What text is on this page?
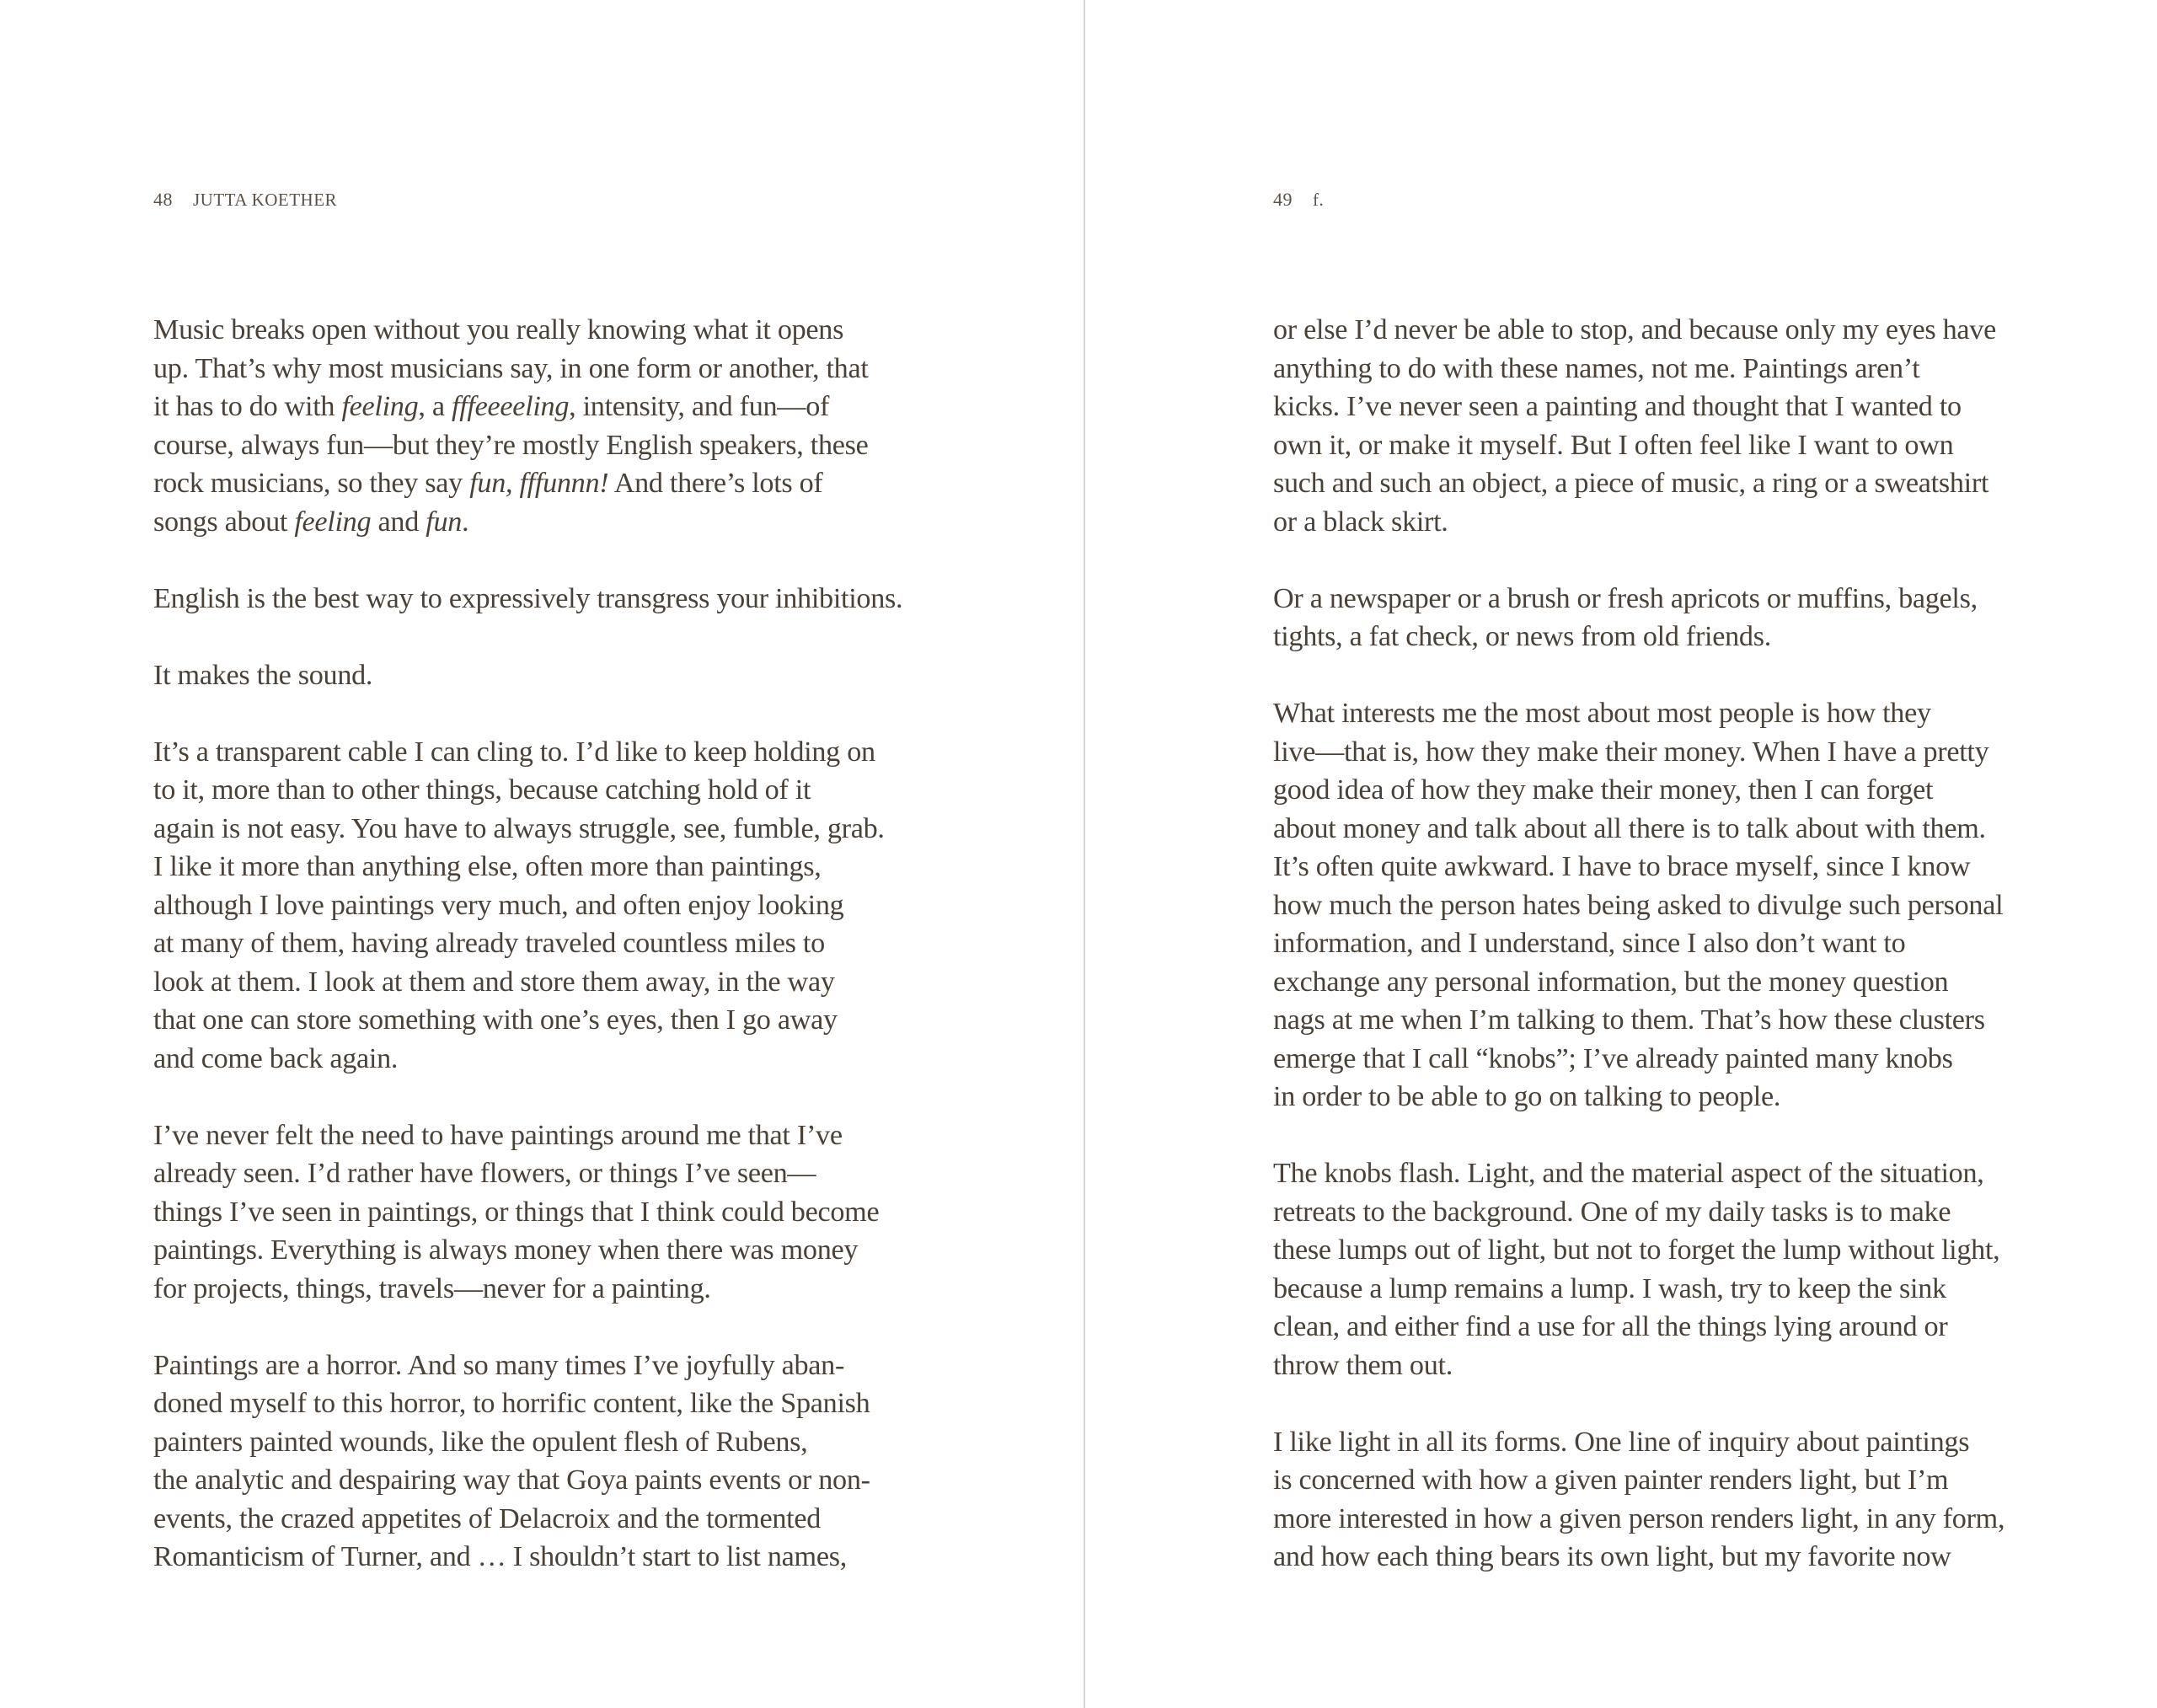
48 JUTTA KOETHER
Music breaks open without you really knowing what it opens
up. That’s why most musicians say, in one form or another, that
it has to do with feeling, a fffeeeeling, intensity, and fun—of
course, always fun—but they’re mostly English speakers, these
rock musicians, so they say fun, fffunnn! And there’s lots of
songs about feeling and fun.
English is the best way to expressively transgress your inhibitions.
It makes the sound.
It’s a transparent cable I can cling to. I’d like to keep holding on
to it, more than to other things, because catching hold of it
again is not easy. You have to always struggle, see, fumble, grab.
I like it more than anything else, often more than paintings,
although I love paintings very much, and often enjoy looking
at many of them, having already traveled countless miles to
look at them. I look at them and store them away, in the way
that one can store something with one’s eyes, then I go away
and come back again.
I’ve never felt the need to have paintings around me that I’ve
already seen. I’d rather have flowers, or things I’ve seen—
things I’ve seen in paintings, or things that I think could become
paintings. Everything is always money when there was money
for projects, things, travels—never for a painting.
Paintings are a horror. And so many times I’ve joyfully aban-
doned myself to this horror, to horrific content, like the Spanish
painters painted wounds, like the opulent flesh of Rubens,
the analytic and despairing way that Goya paints events or non-
events, the crazed appetites of Delacroix and the tormented
Romanticism of Turner, and … I shouldn’t start to list names,
49 f.
or else I’d never be able to stop, and because only my eyes have
anything to do with these names, not me. Paintings aren’t
kicks. I’ve never seen a painting and thought that I wanted to
own it, or make it myself. But I often feel like I want to own
such and such an object, a piece of music, a ring or a sweatshirt
or a black skirt.
Or a newspaper or a brush or fresh apricots or muffins, bagels,
tights, a fat check, or news from old friends.
What interests me the most about most people is how they
live—that is, how they make their money. When I have a pretty
good idea of how they make their money, then I can forget
about money and talk about all there is to talk about with them.
It’s often quite awkward. I have to brace myself, since I know
how much the person hates being asked to divulge such personal
information, and I understand, since I also don’t want to
exchange any personal information, but the money question
nags at me when I’m talking to them. That’s how these clusters
emerge that I call “knobs”; I’ve already painted many knobs
in order to be able to go on talking to people.
The knobs flash. Light, and the material aspect of the situation,
retreats to the background. One of my daily tasks is to make
these lumps out of light, but not to forget the lump without light,
because a lump remains a lump. I wash, try to keep the sink
clean, and either find a use for all the things lying around or
throw them out.
I like light in all its forms. One line of inquiry about paintings
is concerned with how a given painter renders light, but I’m
more interested in how a given person renders light, in any form,
and how each thing bears its own light, but my favorite now
